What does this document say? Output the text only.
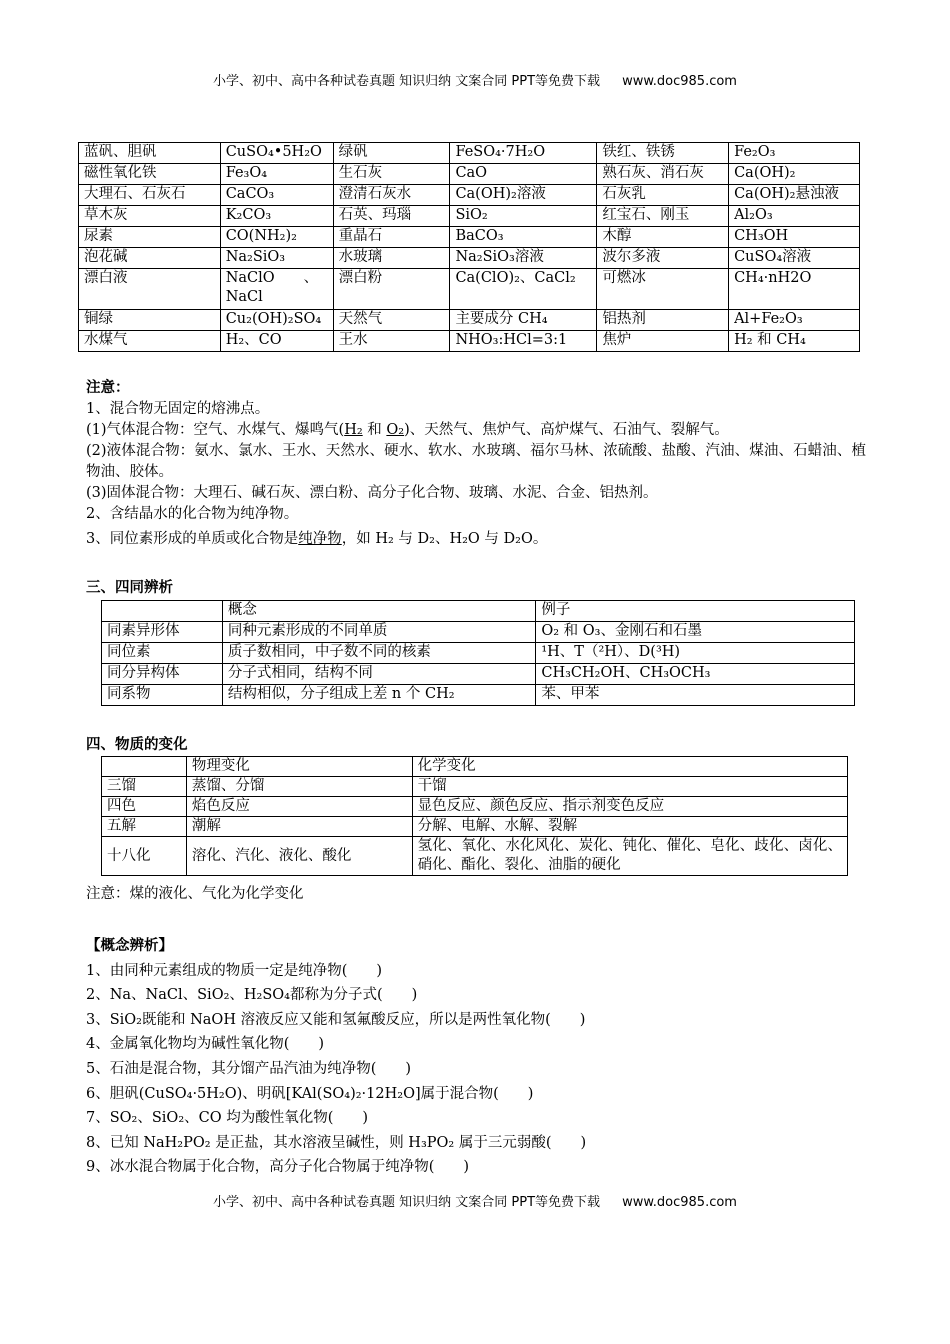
小学、初中、高中各种试卷真题 知识归纳 文案合同 PPT等免费下载 www.doc985.com
蓝矾、胆矾	CuSO₄•5H₂O	绿矾	FeSO₄·7H₂O	铁红、铁锈	Fe₂O₃
磁性氧化铁	Fe₃O₄	生石灰	CaO	熟石灰、消石灰	Ca(OH)₂
大理石、石灰石	CaCO₃	澄清石灰水	Ca(OH)₂溶液	石灰乳	Ca(OH)₂悬浊液
草木灰	K₂CO₃	石英、玛瑙	SiO₂	红宝石、刚玉	Al₂O₃
尿素	CO(NH₂)₂	重晶石	BaCO₃	木醇	CH₃OH
泡花碱	Na₂SiO₃	水玻璃	Na₂SiO₃溶液	波尔多液	CuSO₄溶液
漂白液	NaClO　　、NaCl	漂白粉	Ca(ClO)₂、CaCl₂	可燃冰	CH₄·nH2O
铜绿	Cu₂(OH)₂SO₄	天然气	主要成分 CH₄	铝热剂	Al+Fe₂O₃
水煤气	H₂、CO	王水	NHO₃:HCl=3:1	焦炉	H₂ 和 CH₄

注意：

1、混合物无固定的熔沸点。

(1)气体混合物：空气、水煤气、爆鸣气(H₂ 和 O₂)、天然气、焦炉气、高炉煤气、石油气、裂解气。

(2)液体混合物：氨水、氯水、王水、天然水、硬水、软水、水玻璃、福尔马林、浓硫酸、盐酸、汽油、煤油、石蜡油、植物油、胶体。

(3)固体混合物：大理石、碱石灰、漂白粉、高分子化合物、玻璃、水泥、合金、铝热剂。

2、含结晶水的化合物为纯净物。

3、同位素形成的单质或化合物是纯净物，如 H₂ 与 D₂、H₂O 与 D₂O。

三、四同辨析
	概念	例子
同素异形体	同种元素形成的不同单质	O₂ 和 O₃、金刚石和石墨
同位素	质子数相同，中子数不同的核素	¹H、T（²H）、D(³H)
同分异构体	分子式相同，结构不同	CH₃CH₂OH、CH₃OCH₃
同系物	结构相似，分子组成上差 n 个 CH₂	苯、甲苯
四、物质的变化
	物理变化	化学变化
三馏	蒸馏、分馏	干馏
四色	焰色反应	显色反应、颜色反应、指示剂变色反应
五解	潮解	分解、电解、水解、裂解
十八化	溶化、汽化、液化、酸化	氢化、氧化、水化风化、炭化、钝化、催化、皂化、歧化、卤化、硝化、酯化、裂化、油脂的硬化
注意：煤的液化、气化为化学变化

【概念辨析】

1、由同种元素组成的物质一定是纯净物(　　)

2、Na、NaCl、SiO₂、H₂SO₄都称为分子式(　　)

3、SiO₂既能和 NaOH 溶液反应又能和氢氟酸反应，所以是两性氧化物(　　)

4、金属氧化物均为碱性氧化物(　　)

5、石油是混合物，其分馏产品汽油为纯净物(　　)

6、胆矾(CuSO₄·5H₂O)、明矾[KAl(SO₄)₂·12H₂O]属于混合物(　　)

7、SO₂、SiO₂、CO 均为酸性氧化物(　　)

8、已知 NaH₂PO₂ 是正盐，其水溶液呈碱性，则 H₃PO₂ 属于三元弱酸(　　)

9、冰水混合物属于化合物，高分子化合物属于纯净物(　　)

小学、初中、高中各种试卷真题 知识归纳 文案合同 PPT等免费下载 www.doc985.com
